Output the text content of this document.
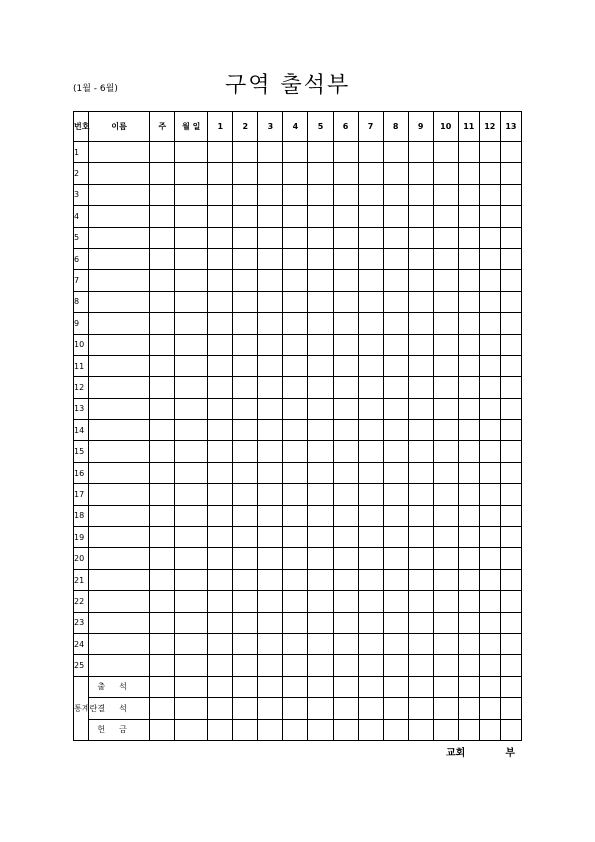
(1월 - 6월)	구역 출석부
번호	이름	주	월 일	1	2	3	4	5	6	7	8	9	10	11	12	13
1																
2																
3																
4																
5																
6																
7																
8																
9																
10																
11																
12																
13																
14																
15																
16																
17																
18																
19																
20																
21																
22																
23																
24																
25																
통계란	출석															
	결석															
	헌금															
교회	부
